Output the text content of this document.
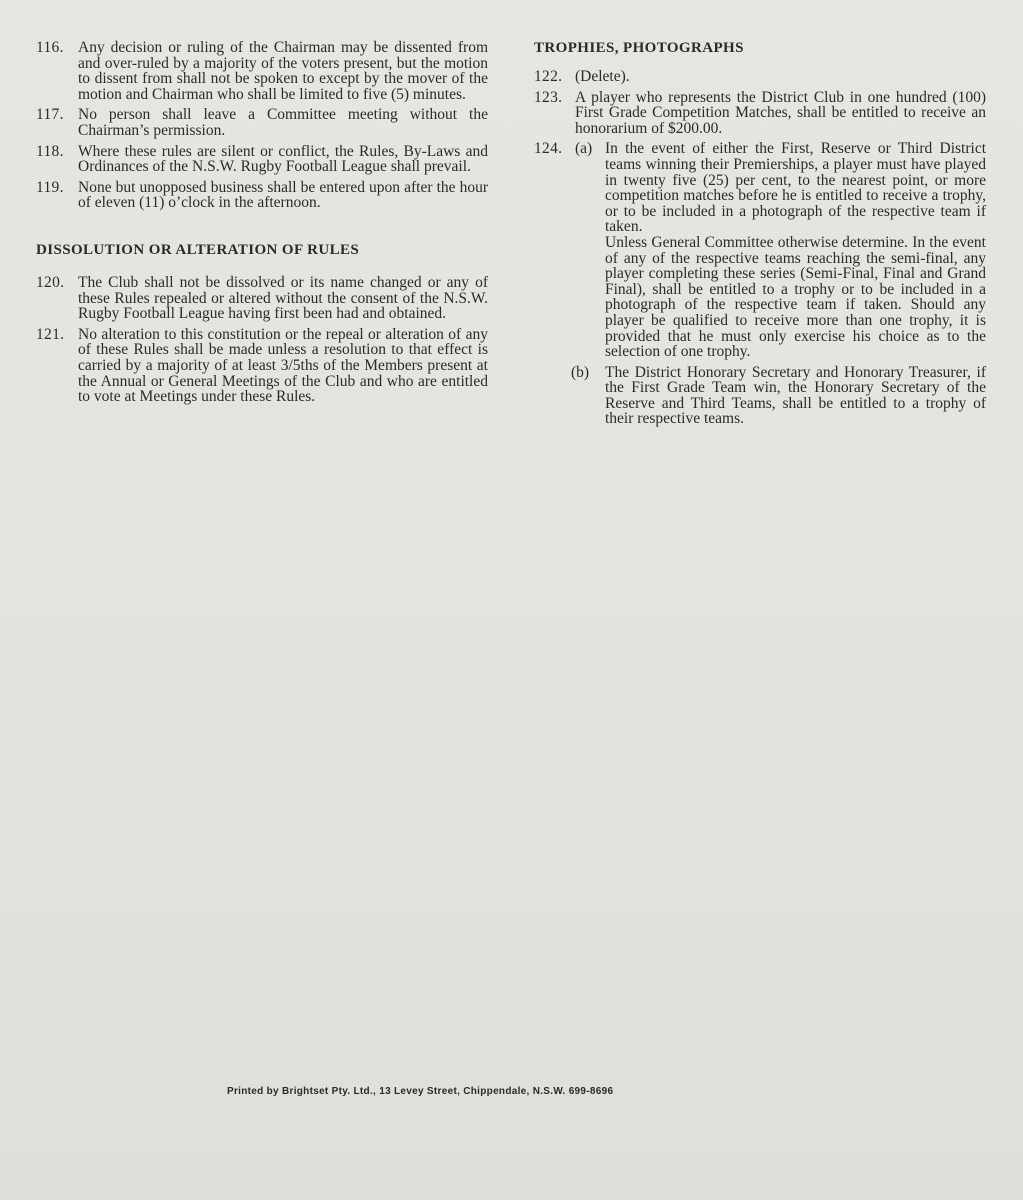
116. Any decision or ruling of the Chairman may be dissented from and over-ruled by a majority of the voters present, but the motion to dissent from shall not be spoken to except by the mover of the motion and Chairman who shall be limited to five (5) minutes.
117. No person shall leave a Committee meeting without the Chairman’s permission.
118. Where these rules are silent or conflict, the Rules, By-Laws and Ordinances of the N.S.W. Rugby Football League shall prevail.
119. None but unopposed business shall be entered upon after the hour of eleven (11) o’clock in the afternoon.
DISSOLUTION OR ALTERATION OF RULES
120. The Club shall not be dissolved or its name changed or any of these Rules repealed or altered without the consent of the N.S.W. Rugby Football League having first been had and obtained.
121. No alteration to this constitution or the repeal or alteration of any of these Rules shall be made unless a resolution to that effect is carried by a majority of at least 3/5ths of the Members present at the Annual or General Meetings of the Club and who are entitled to vote at Meetings under these Rules.
TROPHIES, PHOTOGRAPHS
122. (Delete).
123. A player who represents the District Club in one hundred (100) First Grade Competition Matches, shall be entitled to receive an honorarium of $200.00.
124. (a) In the event of either the First, Reserve or Third District teams winning their Premierships, a player must have played in twenty five (25) per cent, to the nearest point, or more competition matches before he is entitled to receive a trophy, or to be included in a photograph of the respective team if taken.

Unless General Committee otherwise determine. In the event of any of the respective teams reaching the semi-final, any player completing these series (Semi-Final, Final and Grand Final), shall be entitled to a trophy or to be included in a photograph of the respective team if taken. Should any player be qualified to receive more than one trophy, it is provided that he must only exercise his choice as to the selection of one trophy.

(b)	The District Honorary Secretary and Honorary Treasurer, if the First Grade Team win, the Honorary Secretary of the Reserve and Third Teams, shall be entitled to a trophy of their respective teams.

Printed by Brightset Pty. Ltd., 13 Levey Street, Chippendale, N.S.W. 699-8696
